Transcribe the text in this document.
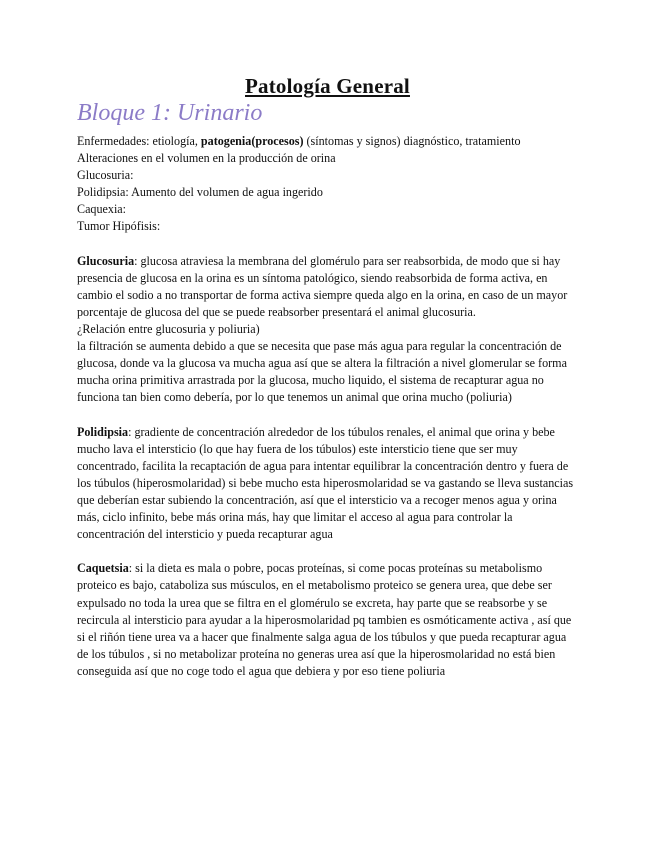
Patología General
Bloque 1: Urinario
Enfermedades: etiología, patogenia(procesos) (síntomas y signos) diagnóstico, tratamiento
Alteraciones en el volumen en la producción de orina
Glucosuria:
Polidipsia: Aumento del volumen de agua ingerido
Caquexia:
Tumor Hipófisis:

Glucosuria: glucosa atraviesa la membrana del glomérulo para ser reabsorbida, de modo que si hay presencia de glucosa en la orina es un síntoma patológico, siendo reabsorbida de forma activa, en cambio el sodio a no transportar de forma activa siempre queda algo en la orina, en caso de un mayor porcentaje de glucosa del que se puede reabsorber presentará el animal glucosuria.

¿Relación entre glucosuria y poliuria)

la filtración se aumenta debido a que se necesita que pase más agua para regular la concentración de glucosa, donde va la glucosa va mucha agua así que se altera la filtración a nivel glomerular se forma mucha orina primitiva arrastrada por la glucosa, mucho liquido, el sistema de recapturar agua no funciona tan bien como debería, por lo que tenemos un animal que orina mucho (poliuria)

Polidipsia: gradiente de concentración alrededor de los túbulos renales, el animal que orina y bebe mucho lava el intersticio (lo que hay fuera de los túbulos) este intersticio tiene que ser muy concentrado, facilita la recaptación de agua para intentar equilibrar la concentración dentro y fuera de los túbulos (hiperosmolaridad) si bebe mucho esta hiperosmolaridad se va gastando se lleva sustancias que deberían estar subiendo la concentración, así que el intersticio va a recoger menos agua y orina más, ciclo infinito, bebe más orina más, hay que limitar el acceso al agua para controlar la concentración del intersticio y pueda recapturar agua

Caquetsia: si la dieta es mala o pobre, pocas proteínas, si come pocas proteínas su metabolismo proteico es bajo, cataboliza sus músculos, en el metabolismo proteico se genera urea, que debe ser expulsado no toda la urea que se filtra en el glomérulo se excreta, hay parte que se reabsorbe y se recircula al intersticio para ayudar a la hiperosmolaridad pq tambien es osmóticamente activa , así que si el riñón tiene urea va a hacer que finalmente salga agua de los túbulos y que pueda recapturar agua de los túbulos , si no metabolizar proteína no generas urea así que la hiperosmolaridad no está bien conseguida así que no coge todo el agua que debiera y por eso tiene poliuria
